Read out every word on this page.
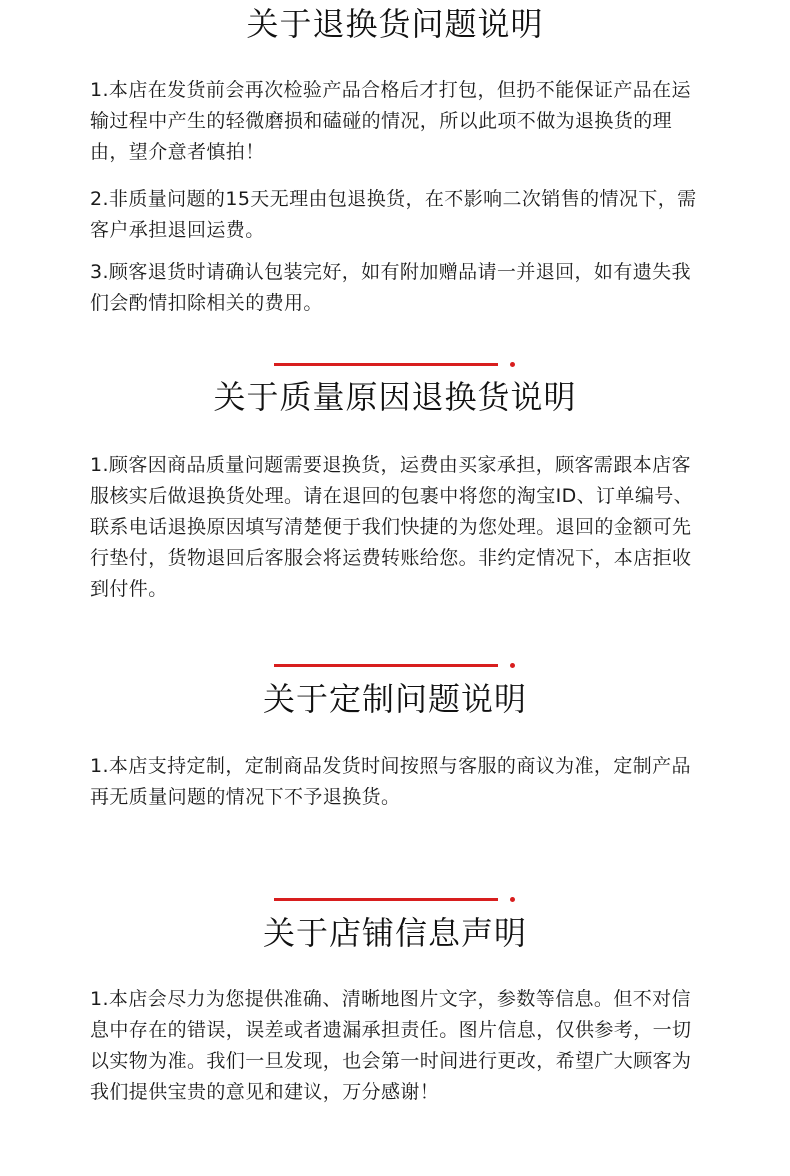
关于退换货问题说明

1.本店在发货前会再次检验产品合格后才打包，但扔不能保证产品在运输过程中产生的轻微磨损和磕碰的情况，所以此项不做为退换货的理由，望介意者慎拍！

2.非质量问题的15天无理由包退换货，在不影响二次销售的情况下，需客户承担退回运费。

3.顾客退货时请确认包装完好，如有附加赠品请一并退回，如有遗失我们会酌情扣除相关的费用。

关于质量原因退换货说明

1.顾客因商品质量问题需要退换货，运费由买家承担，顾客需跟本店客服核实后做退换货处理。请在退回的包裹中将您的淘宝ID、订单编号、联系电话退换原因填写清楚便于我们快捷的为您处理。退回的金额可先行垫付，货物退回后客服会将运费转账给您。非约定情况下，本店拒收到付件。

关于定制问题说明

1.本店支持定制，定制商品发货时间按照与客服的商议为准，定制产品再无质量问题的情况下不予退换货。

关于店铺信息声明

1.本店会尽力为您提供准确、清晰地图片文字，参数等信息。但不对信息中存在的错误，误差或者遗漏承担责任。图片信息，仅供参考，一切以实物为准。我们一旦发现，也会第一时间进行更改，希望广大顾客为我们提供宝贵的意见和建议，万分感谢！
